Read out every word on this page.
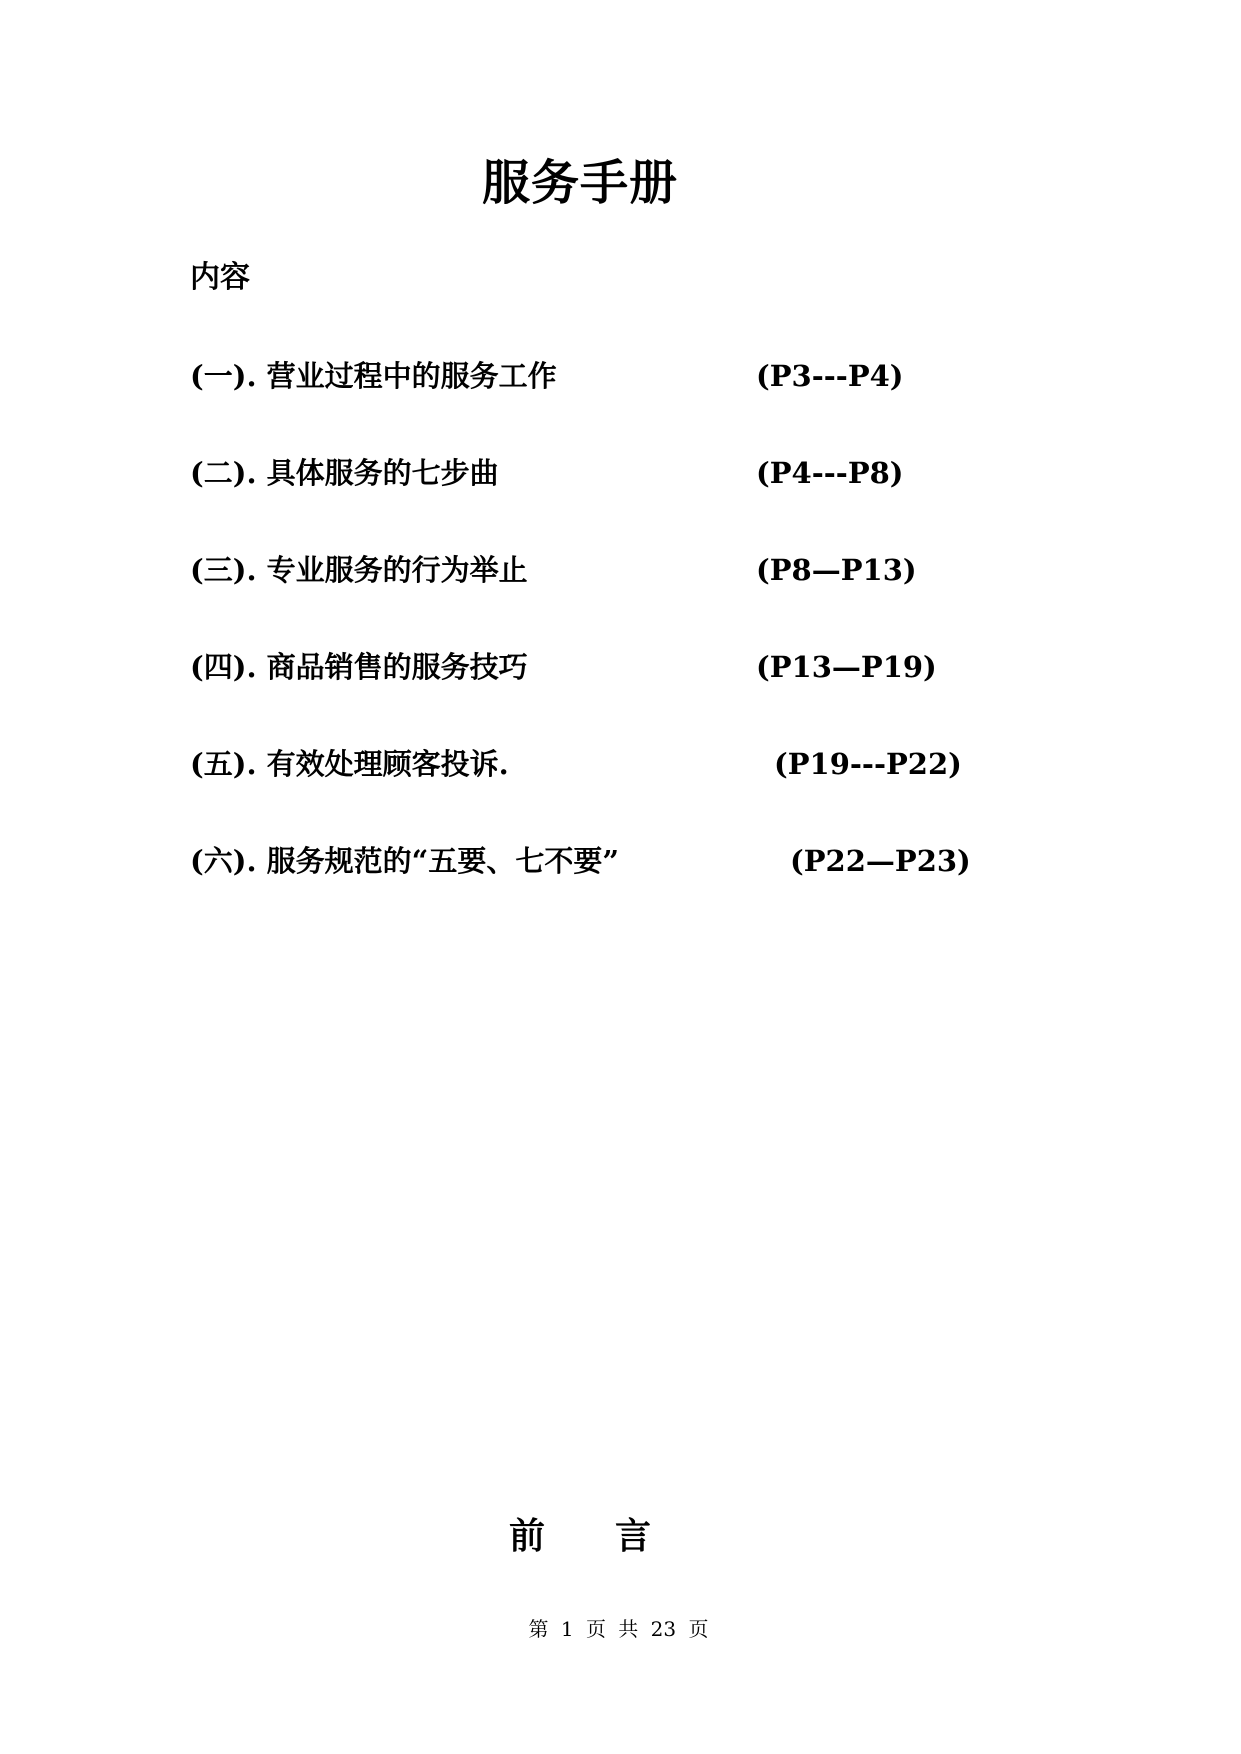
服务手册
内容
(一). 营业过程中的服务工作	(P3---P4)
(二). 具体服务的七步曲	(P4---P8)
(三). 专业服务的行为举止	(P8—P13)
(四). 商品销售的服务技巧	(P13—P19)
(五). 有效处理顾客投诉.	(P19---P22)
(六). 服务规范的“五要、七不要”	(P22—P23)
前 言
第 1 页 共 23 页
